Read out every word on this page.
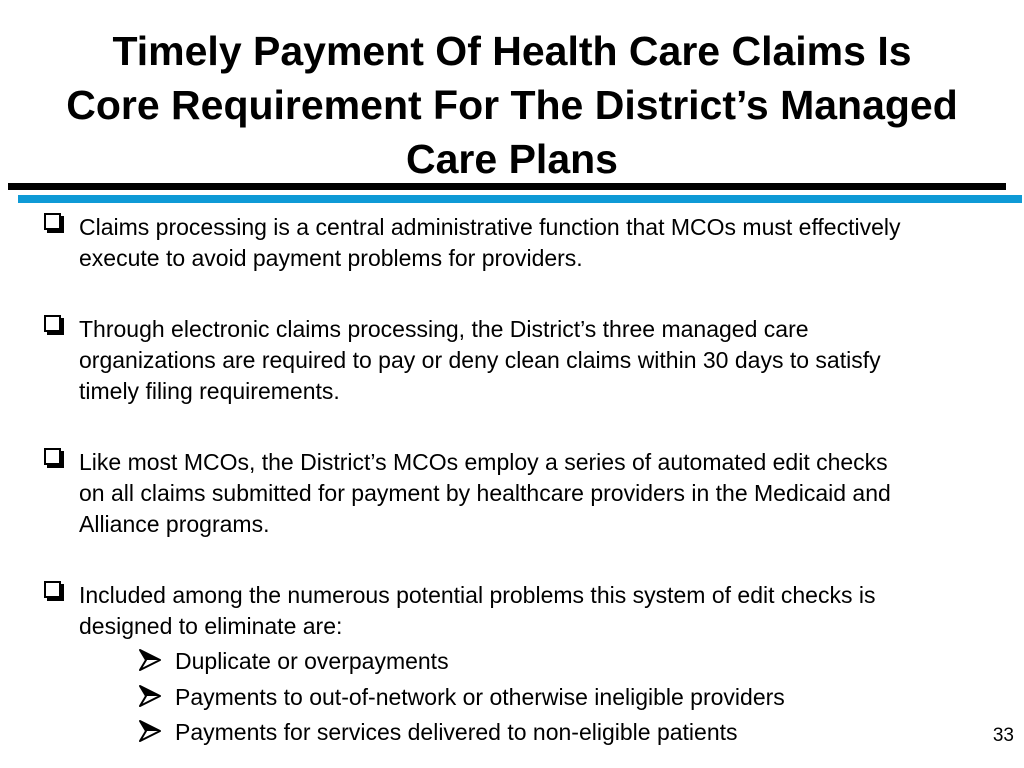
Timely Payment Of Health Care Claims Is
Core Requirement For The District’s Managed
Care Plans
Claims processing is a central administrative function that MCOs must effectively
execute to avoid payment problems for providers.
Through electronic claims processing, the District’s three managed care
organizations are required to pay or deny clean claims within 30 days to satisfy
timely filing requirements.
Like most MCOs, the District’s MCOs employ a series of automated edit checks
on all claims submitted for payment by healthcare providers in the Medicaid and
Alliance programs.
Included among the numerous potential problems this system of edit checks is
designed to eliminate are:
Duplicate or overpayments
Payments to out-of-network or otherwise ineligible providers
Payments for services delivered to non-eligible patients	33
